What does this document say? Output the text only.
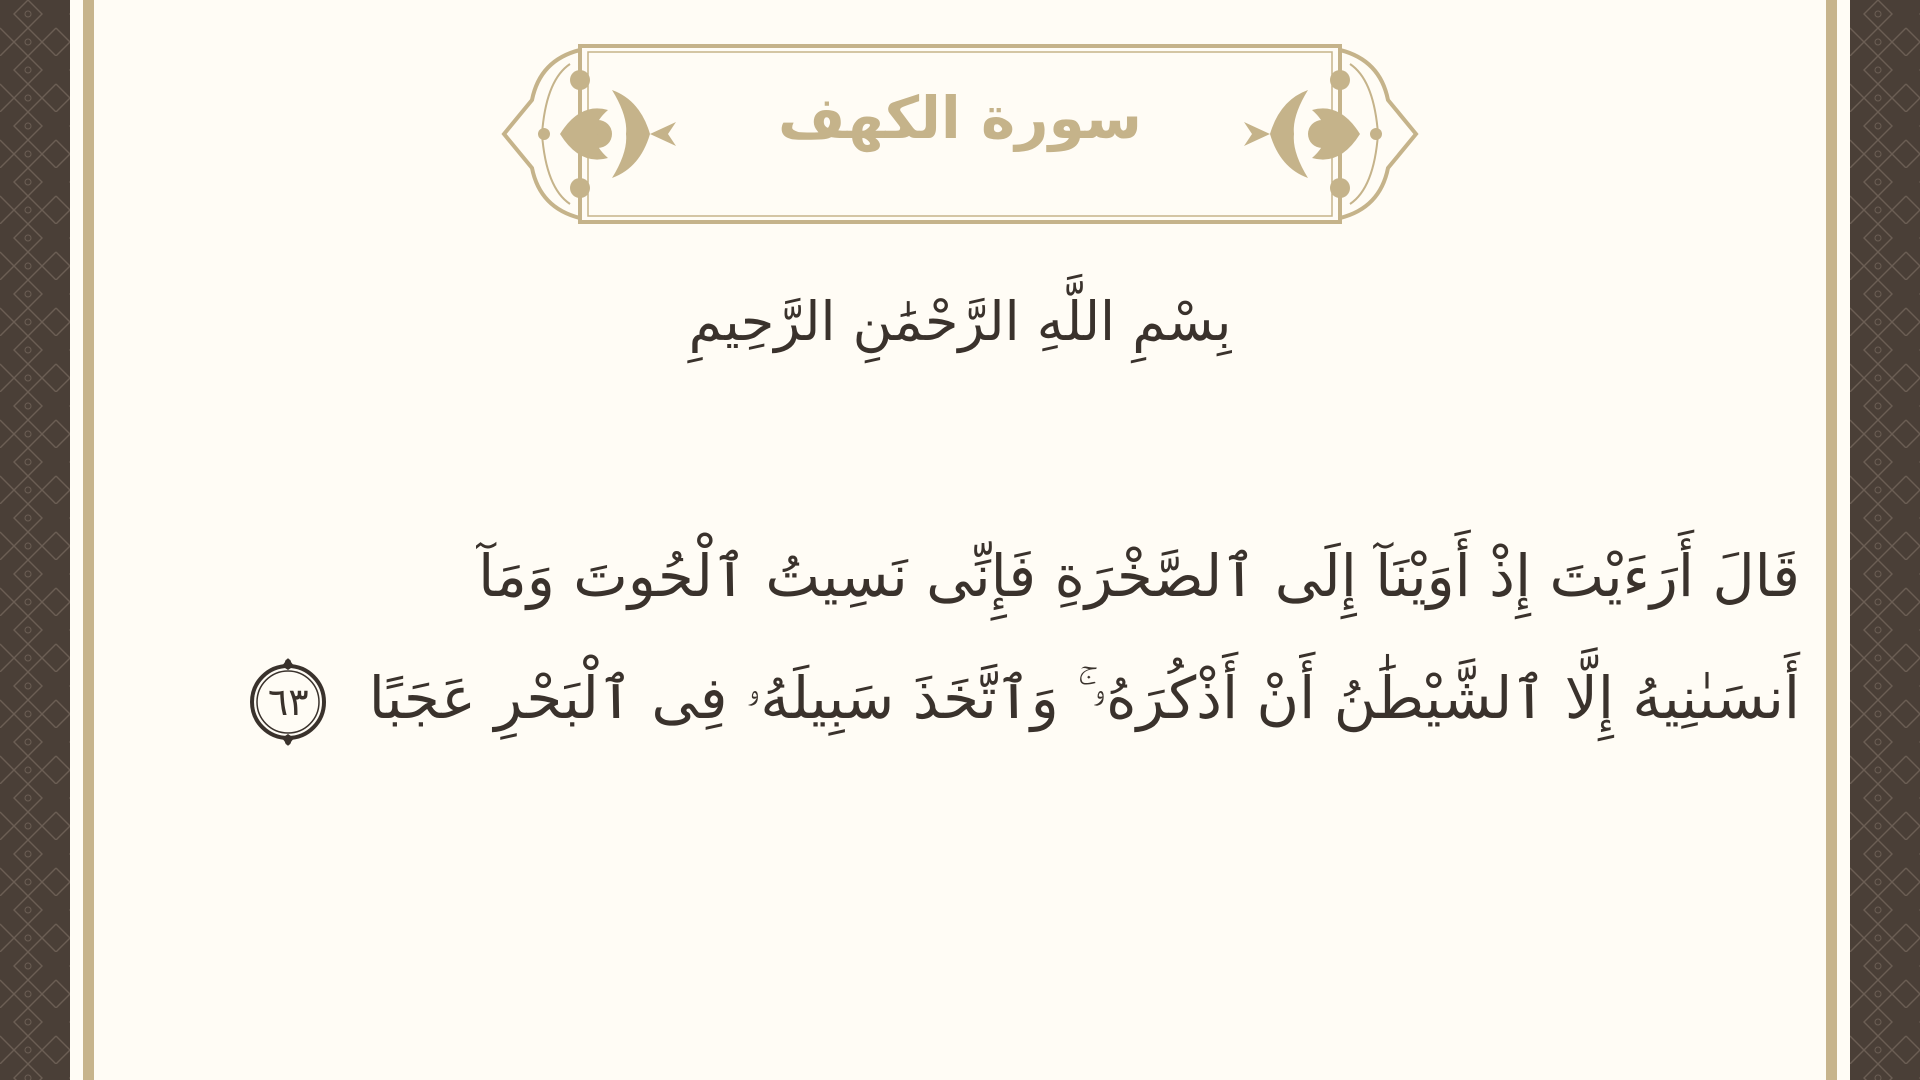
سورة الكهف
بِسْمِ اللَّهِ الرَّحْمَٰنِ الرَّحِيمِ
قَالَ أَرَءَيْتَ إِذْ أَوَيْنَآ إِلَى ٱلصَّخْرَةِ فَإِنِّى نَسِيتُ ٱلْحُوتَ وَمَآ
أَنسَىٰنِيهُ إِلَّا ٱلشَّيْطَٰنُ أَنْ أَذْكُرَهُۥ ۚ وَٱتَّخَذَ سَبِيلَهُۥ فِى ٱلْبَحْرِ عَجَبًا
٦٣
